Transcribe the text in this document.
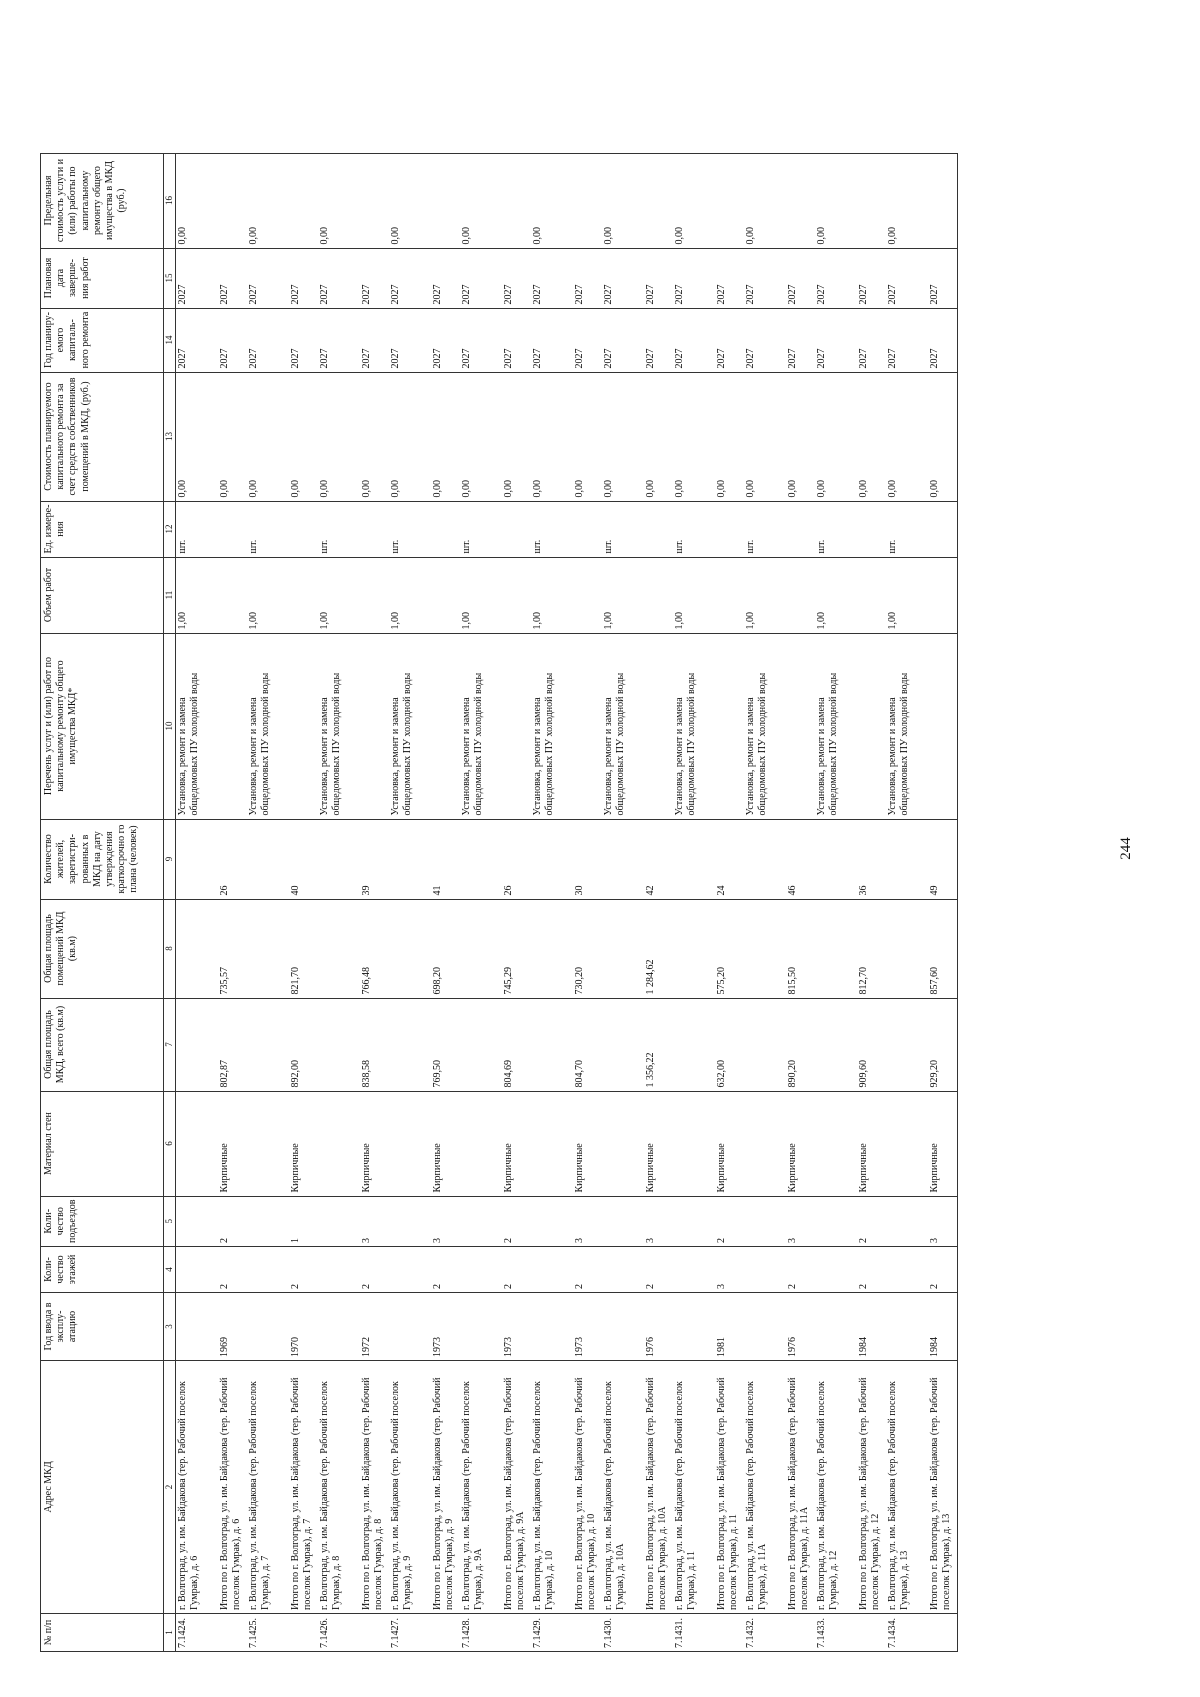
№ п/п	Адрес МКД	Год ввода в эксплу-атацию	Коли-чество этажей	Коли-чество подъездов	Материал стен	Общая площадь МКД, всего (кв.м)	Общая площадь помещений МКД (кв.м)	Количество жителей, зарегистри-рованных в МКД на дату утверждения краткосрочно го плана (человек)	Перечень услуг и (или) работ по капитальному ремонту общего имущества МКД*	Объем работ	Ед. измере-ния	Стоимость планируемого капитального ремонта за счет средств собственников помещений в МКД, (руб.)	Год планиру-емого капиталь-ного ремонта	Плановая дата заверше-ния работ	Предельная стоимость услуги и (или) работы по капитальному ремонту общего имущества в МКД (руб.)
1	2	3	4	5	6	7	8	9	10	11	12	13	14	15	16
7.1424.	г. Волгоград, ул. им. Байдакова (тер. Рабочий поселок Гумрак), д. 6								Установка, ремонт и замена общедомовых ПУ холодной воды	1,00	шт.	0,00	2027	2027	0,00
	Итого по г. Волгоград, ул. им. Байдакова (тер. Рабочий поселок Гумрак), д. 6	1969	2	2	Кирпичные	802,87	735,57	26				0,00	2027	2027	
7.1425.	г. Волгоград, ул. им. Байдакова (тер. Рабочий поселок Гумрак), д. 7								Установка, ремонт и замена общедомовых ПУ холодной воды	1,00	шт.	0,00	2027	2027	0,00
	Итого по г. Волгоград, ул. им. Байдакова (тер. Рабочий поселок Гумрак), д. 7	1970	2	1	Кирпичные	892,00	821,70	40				0,00	2027	2027	
7.1426.	г. Волгоград, ул. им. Байдакова (тер. Рабочий поселок Гумрак), д. 8								Установка, ремонт и замена общедомовых ПУ холодной воды	1,00	шт.	0,00	2027	2027	0,00
	Итого по г. Волгоград, ул. им. Байдакова (тер. Рабочий поселок Гумрак), д. 8	1972	2	3	Кирпичные	838,58	766,48	39				0,00	2027	2027	
7.1427.	г. Волгоград, ул. им. Байдакова (тер. Рабочий поселок Гумрак), д. 9								Установка, ремонт и замена общедомовых ПУ холодной воды	1,00	шт.	0,00	2027	2027	0,00
	Итого по г. Волгоград, ул. им. Байдакова (тер. Рабочий поселок Гумрак), д. 9	1973	2	3	Кирпичные	769,50	698,20	41				0,00	2027	2027	
7.1428.	г. Волгоград, ул. им. Байдакова (тер. Рабочий поселок Гумрак), д. 9А								Установка, ремонт и замена общедомовых ПУ холодной воды	1,00	шт.	0,00	2027	2027	0,00
	Итого по г. Волгоград, ул. им. Байдакова (тер. Рабочий поселок Гумрак), д. 9А	1973	2	2	Кирпичные	804,69	745,29	26				0,00	2027	2027	
7.1429.	г. Волгоград, ул. им. Байдакова (тер. Рабочий поселок Гумрак), д. 10								Установка, ремонт и замена общедомовых ПУ холодной воды	1,00	шт.	0,00	2027	2027	0,00
	Итого по г. Волгоград, ул. им. Байдакова (тер. Рабочий поселок Гумрак), д. 10	1973	2	3	Кирпичные	804,70	730,20	30				0,00	2027	2027	
7.1430.	г. Волгоград, ул. им. Байдакова (тер. Рабочий поселок Гумрак), д. 10А								Установка, ремонт и замена общедомовых ПУ холодной воды	1,00	шт.	0,00	2027	2027	0,00
	Итого по г. Волгоград, ул. им. Байдакова (тер. Рабочий поселок Гумрак), д. 10А	1976	2	3	Кирпичные	1 356,22	1 284,62	42				0,00	2027	2027	
7.1431.	г. Волгоград, ул. им. Байдакова (тер. Рабочий поселок Гумрак), д. 11								Установка, ремонт и замена общедомовых ПУ холодной воды	1,00	шт.	0,00	2027	2027	0,00
	Итого по г. Волгоград, ул. им. Байдакова (тер. Рабочий поселок Гумрак), д. 11	1981	3	2	Кирпичные	632,00	575,20	24				0,00	2027	2027	
7.1432.	г. Волгоград, ул. им. Байдакова (тер. Рабочий поселок Гумрак), д. 11А								Установка, ремонт и замена общедомовых ПУ холодной воды	1,00	шт.	0,00	2027	2027	0,00
	Итого по г. Волгоград, ул. им. Байдакова (тер. Рабочий поселок Гумрак), д. 11А	1976	2	3	Кирпичные	890,20	815,50	46				0,00	2027	2027	
7.1433.	г. Волгоград, ул. им. Байдакова (тер. Рабочий поселок Гумрак), д. 12								Установка, ремонт и замена общедомовых ПУ холодной воды	1,00	шт.	0,00	2027	2027	0,00
	Итого по г. Волгоград, ул. им. Байдакова (тер. Рабочий поселок Гумрак), д. 12	1984	2	2	Кирпичные	909,60	812,70	36				0,00	2027	2027	
7.1434.	г. Волгоград, ул. им. Байдакова (тер. Рабочий поселок Гумрак), д. 13								Установка, ремонт и замена общедомовых ПУ холодной воды	1,00	шт.	0,00	2027	2027	0,00
	Итого по г. Волгоград, ул. им. Байдакова (тер. Рабочий поселок Гумрак), д. 13	1984	2	3	Кирпичные	929,20	857,60	49				0,00	2027	2027	
244
